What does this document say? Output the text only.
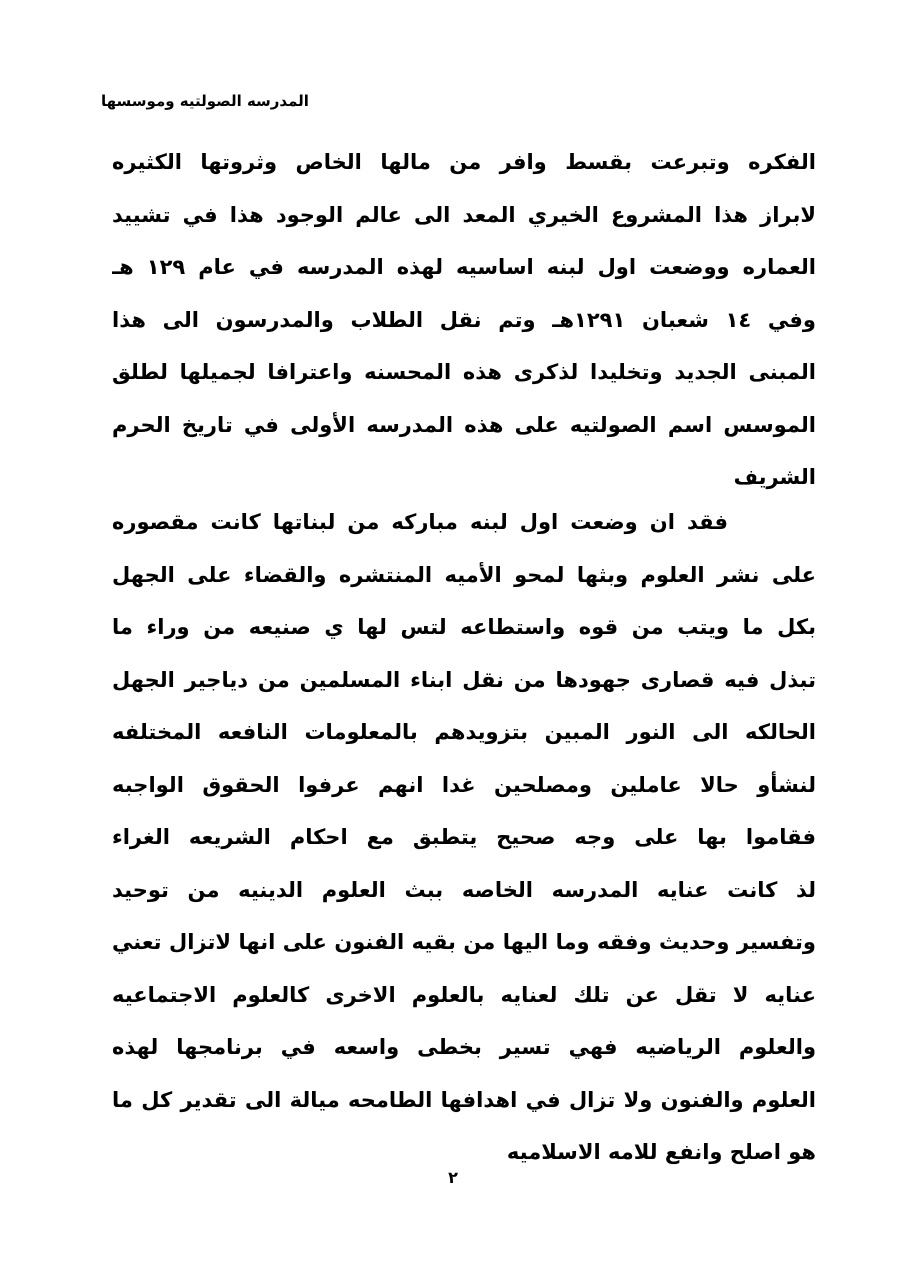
المدرسه الصولتيه وموسسها
الفكره وتبرعت بقسط وافر من مالها الخاص وثروتها الكثيره
لابراز هذا المشروع الخيري المعد الى عالم الوجود هذا في تشييد
العماره ووضعت اول لبنه اساسيه لهذه المدرسه في عام ١٢٩ هـ
وفي ١٤ شعبان ١٢٩١هـ وتم نقل الطلاب والمدرسون الى هذا
المبنى الجديد وتخليدا لذكرى هذه المحسنه واعترافا لجميلها لطلق
الموسس اسم الصولتيه على هذه المدرسه الأولى في تاريخ الحرم
الشريف
فقد ان وضعت اول لبنه مباركه من لبناتها كانت مقصوره
على نشر العلوم وبثها لمحو الأميه المنتشره والقضاء على الجهل
بكل ما ويتب من قوه واستطاعه لتس لها ي صنيعه من وراء ما
تبذل فيه قصارى جهودها من نقل ابناء المسلمين من دياجير الجهل
الحالكه الى النور المبين بتزويدهم بالمعلومات النافعه المختلفه
لنشأو حالا عاملين ومصلحين غدا انهم عرفوا الحقوق الواجبه
فقاموا بها على وجه صحيح يتطبق مع احكام الشريعه الغراء
لذ كانت عنايه المدرسه الخاصه ببث العلوم الدينيه من توحيد
وتفسير وحديث وفقه وما اليها من بقيه الفنون على انها لاتزال تعني
عنايه لا تقل عن تلك لعنايه بالعلوم الاخرى كالعلوم الاجتماعيه
والعلوم الرياضيه فهي تسير بخطى واسعه في برنامجها لهذه
العلوم والفنون ولا تزال في اهدافها الطامحه ميالة الى تقدير كل ما
هو اصلح وانفع للامه الاسلاميه
٢
